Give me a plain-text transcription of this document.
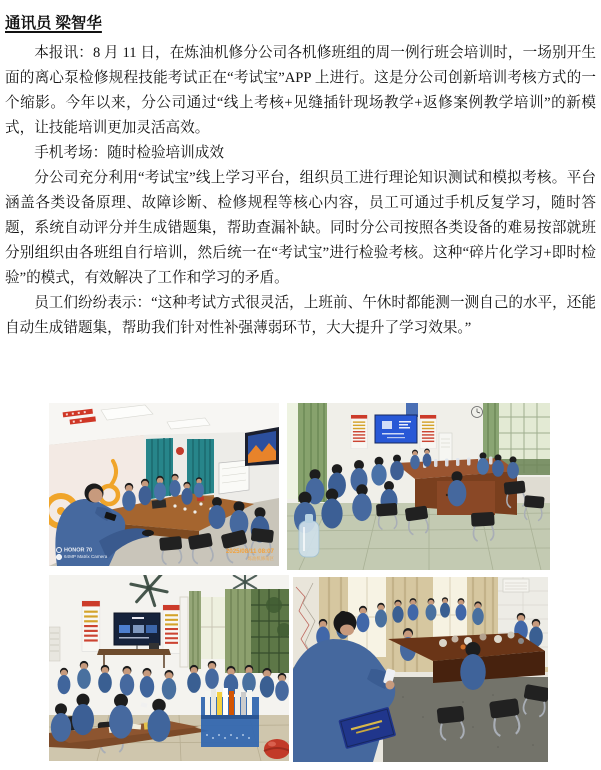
通讯员 梁智华

本报讯：8 月 11 日，在炼油机修分公司各机修班组的周一例行班会培训时，一场别开生面的离心泵检修规程技能考试正在“考试宝”APP 上进行。这是分公司创新培训考核方式的一个缩影。今年以来，分公司通过“线上考核+见缝插针现场教学+返修案例教学培训”的新模式，让技能培训更加灵活高效。

手机考场：随时检验培训成效

分公司充分利用“考试宝”线上学习平台，组织员工进行理论知识测试和模拟考核。平台涵盖各类设备原理、故障诊断、检修规程等核心内容，员工可通过手机反复学习，随时答题，系统自动评分并生成错题集，帮助查漏补缺。同时分公司按照各类设备的难易按部就班分别组织由各班组自行培训，然后统一在“考试宝”进行检验考核。这种“碎片化学习+即时检验”的模式，有效解决了工作和学习的矛盾。

员工们纷纷表示：“这种考试方式很灵活，上班前、午休时都能测一测自己的水平，还能自动生成错题集，帮助我们针对性补强薄弱环节，大大提升了学习效果。”

HONOR 70
64MP Matrix Camera
2025/08/11 08:07
炼油机修南区
